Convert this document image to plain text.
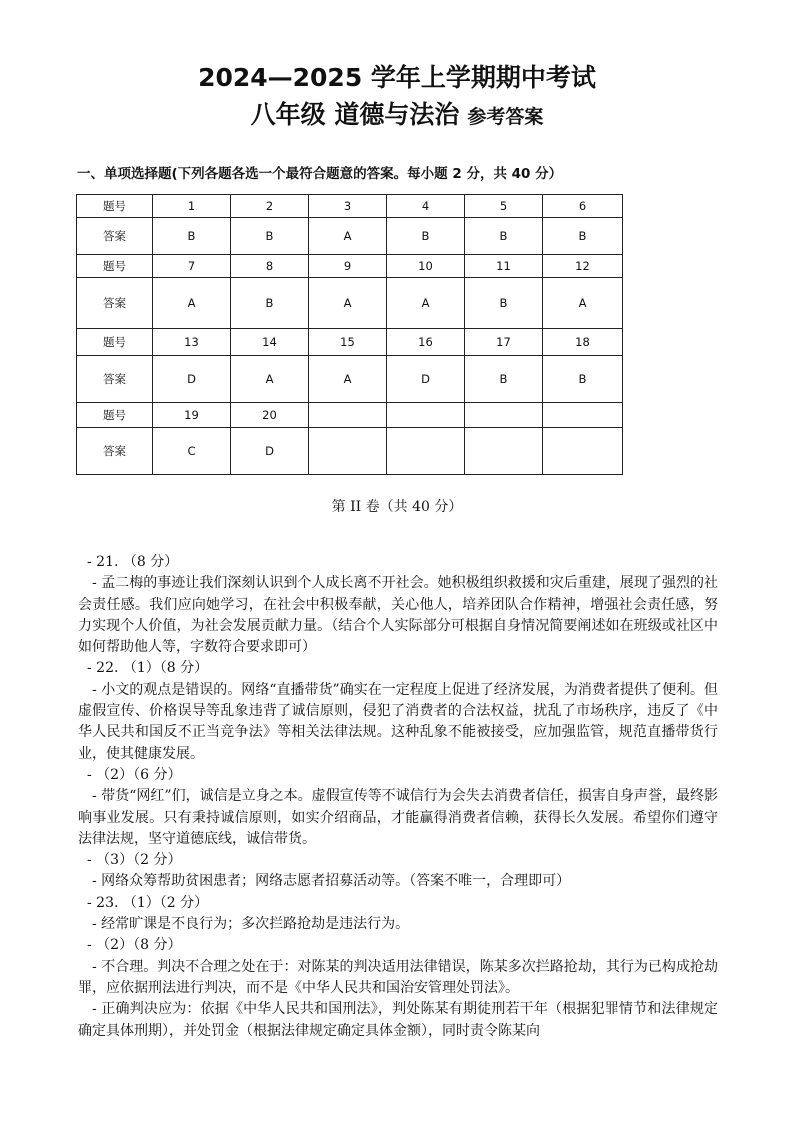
2024—2025 学年上学期期中考试
八年级 道德与法治 参考答案
一、单项选择题(下列各题各选一个最符合题意的答案。每小题 2 分，共 40 分）
题号	1	2	3	4	5	6
答案	B	B	A	B	B	B
题号	7	8	9	10	11	12
答案	A	B	A	A	B	A
题号	13	14	15	16	17	18
答案	D	A	A	D	B	B
题号	19	20				
答案	C	D				
第 II 卷（共 40 分）

- 21. （8 分）

- 孟二梅的事迹让我们深刻认识到个人成长离不开社会。她积极组织救援和灾后重建，展现了强烈的社会责任感。我们应向她学习，在社会中积极奉献，关心他人，培养团队合作精神，增强社会责任感，努力实现个人价值，为社会发展贡献力量。（结合个人实际部分可根据自身情况简要阐述如在班级或社区中如何帮助他人等，字数符合要求即可）

- 22. （1）（8 分）

- 小文的观点是错误的。网络“直播带货”确实在一定程度上促进了经济发展，为消费者提供了便利。但虚假宣传、价格误导等乱象违背了诚信原则，侵犯了消费者的合法权益，扰乱了市场秩序，违反了《中华人民共和国反不正当竞争法》等相关法律法规。这种乱象不能被接受，应加强监管，规范直播带货行业，使其健康发展。

- （2）（6 分）

- 带货“网红”们，诚信是立身之本。虚假宣传等不诚信行为会失去消费者信任，损害自身声誉，最终影响事业发展。只有秉持诚信原则，如实介绍商品，才能赢得消费者信赖，获得长久发展。希望你们遵守法律法规，坚守道德底线，诚信带货。

- （3）（2 分）

- 网络众筹帮助贫困患者；网络志愿者招募活动等。（答案不唯一，合理即可）

- 23. （1）（2 分）

- 经常旷课是不良行为；多次拦路抢劫是违法行为。

- （2）（8 分）

- 不合理。判决不合理之处在于：对陈某的判决适用法律错误，陈某多次拦路抢劫，其行为已构成抢劫罪，应依据刑法进行判决，而不是《中华人民共和国治安管理处罚法》。

- 正确判决应为：依据《中华人民共和国刑法》，判处陈某有期徒刑若干年（根据犯罪情节和法律规定确定具体刑期），并处罚金（根据法律规定确定具体金额），同时责令陈某向
